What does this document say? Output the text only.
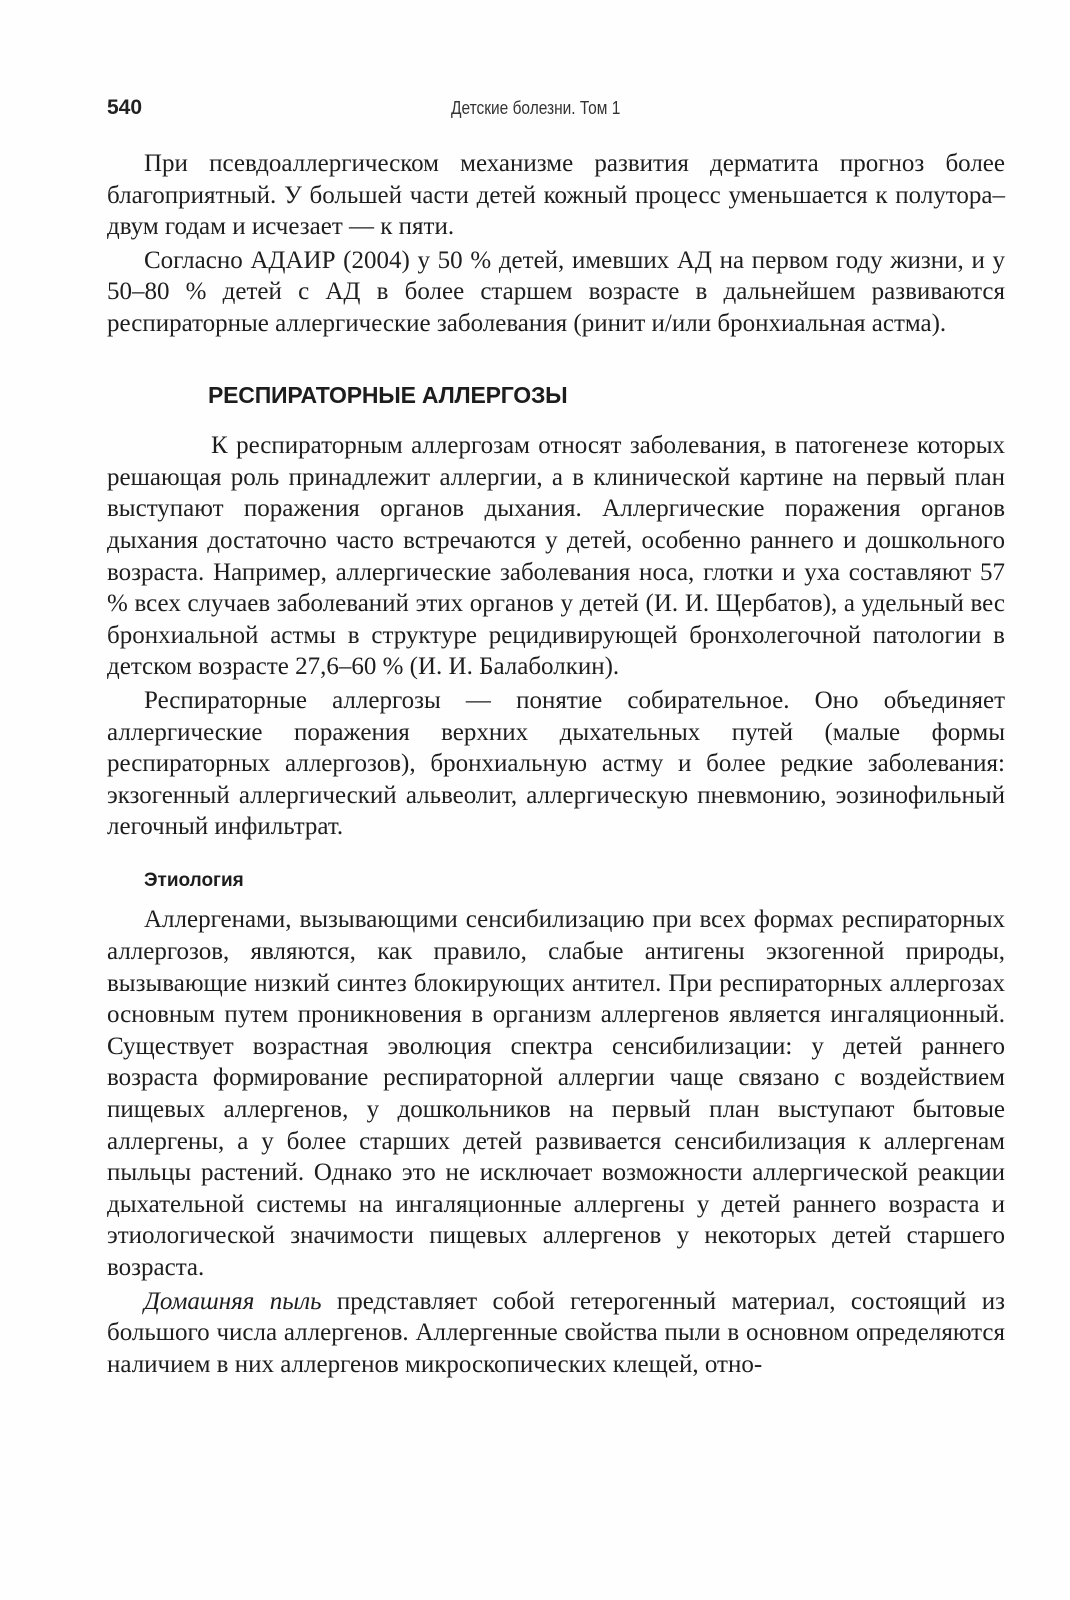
540	Детские болезни. Том 1

При псевдоаллергическом механизме развития дерматита прогноз более благоприятный. У большей части детей кожный процесс уменьшается к полутора–двум годам и исчезает — к пяти.

Согласно АДАИР (2004) у 50 % детей, имевших АД на первом году жизни, и у 50–80 % детей с АД в более старшем возрасте в дальнейшем развиваются респираторные аллергические заболевания (ринит и/или бронхиальная астма).

РЕСПИРАТОРНЫЕ АЛЛЕРГОЗЫ

К респираторным аллергозам относят заболевания, в патогенезе которых решающая роль принадлежит аллергии, а в клинической картине на первый план выступают поражения органов дыхания. Аллергические поражения органов дыхания достаточно часто встречаются у детей, особенно раннего и дошкольного возраста. Например, аллергические заболевания носа, глотки и уха составляют 57 % всех случаев заболеваний этих органов у детей (И. И. Щербатов), а удельный вес бронхиальной астмы в структуре рецидивирующей бронхолегочной патологии в детском возрасте 27,6–60 % (И. И. Балаболкин).

Респираторные аллергозы — понятие собирательное. Оно объединяет аллергические поражения верхних дыхательных путей (малые формы респираторных аллергозов), бронхиальную астму и более редкие заболевания: экзогенный аллергический альвеолит, аллергическую пневмонию, эозинофильный легочный инфильтрат.

Этиология

Аллергенами, вызывающими сенсибилизацию при всех формах респираторных аллергозов, являются, как правило, слабые антигены экзогенной природы, вызывающие низкий синтез блокирующих антител. При респираторных аллергозах основным путем проникновения в организм аллергенов является ингаляционный. Существует возрастная эволюция спектра сенсибилизации: у детей раннего возраста формирование респираторной аллергии чаще связано с воздействием пищевых аллергенов, у дошкольников на первый план выступают бытовые аллергены, а у более старших детей развивается сенсибилизация к аллергенам пыльцы растений. Однако это не исключает возможности аллергической реакции дыхательной системы на ингаляционные аллергены у детей раннего возраста и этиологической значимости пищевых аллергенов у некоторых детей старшего возраста.

Домашняя пыль представляет собой гетерогенный материал, состоящий из большого числа аллергенов. Аллергенные свойства пыли в основном определяются наличием в них аллергенов микроскопических клещей, отно-
